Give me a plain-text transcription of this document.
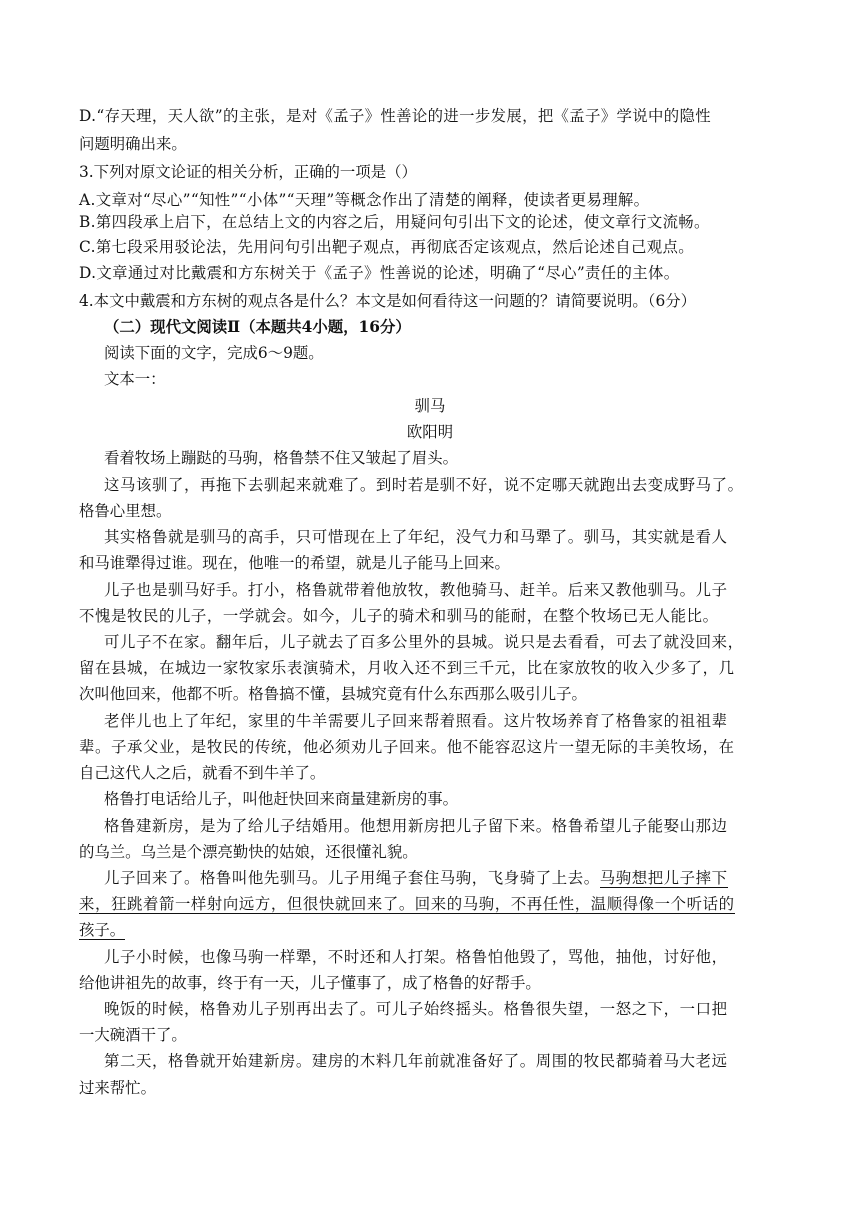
D.“存天理，天人欲”的主张，是对《孟子》性善论的进一步发展，把《孟子》学说中的隐性
问题明确出来。
3.下列对原文论证的相关分析，正确的一项是（）
A.文章对“尽心”“知性”“小体”“天理”等概念作出了清楚的阐释，使读者更易理解。
B.第四段承上启下，在总结上文的内容之后，用疑问句引出下文的论述，使文章行文流畅。
C.第七段采用驳论法，先用问句引出靶子观点，再彻底否定该观点，然后论述自己观点。
D.文章通过对比戴震和方东树关于《孟子》性善说的论述，明确了“尽心”责任的主体。
4.本文中戴震和方东树的观点各是什么？本文是如何看待这一问题的？请简要说明。（6分）
（二）现代文阅读Ⅱ（本题共4小题，16分）
阅读下面的文字，完成6～9题。
文本一：
驯马
欧阳明
看着牧场上蹦跶的马驹，格鲁禁不住又皱起了眉头。
这马该驯了，再拖下去驯起来就难了。到时若是驯不好，说不定哪天就跑出去变成野马了。
格鲁心里想。
其实格鲁就是驯马的高手，只可惜现在上了年纪，没气力和马犟了。驯马，其实就是看人
和马谁犟得过谁。现在，他唯一的希望，就是儿子能马上回来。
儿子也是驯马好手。打小，格鲁就带着他放牧，教他骑马、赶羊。后来又教他驯马。儿子
不愧是牧民的儿子，一学就会。如今，儿子的骑术和驯马的能耐，在整个牧场已无人能比。
可儿子不在家。翻年后，儿子就去了百多公里外的县城。说只是去看看，可去了就没回来，
留在县城，在城边一家牧家乐表演骑术，月收入还不到三千元，比在家放牧的收入少多了，几
次叫他回来，他都不听。格鲁搞不懂，县城究竟有什么东西那么吸引儿子。
老伴儿也上了年纪，家里的牛羊需要儿子回来帮着照看。这片牧场养育了格鲁家的祖祖辈
辈。子承父业，是牧民的传统，他必须劝儿子回来。他不能容忍这片一望无际的丰美牧场，在
自己这代人之后，就看不到牛羊了。
格鲁打电话给儿子，叫他赶快回来商量建新房的事。
格鲁建新房，是为了给儿子结婚用。他想用新房把儿子留下来。格鲁希望儿子能娶山那边
的乌兰。乌兰是个漂亮勤快的姑娘，还很懂礼貌。
儿子回来了。格鲁叫他先驯马。儿子用绳子套住马驹，飞身骑了上去。马驹想把儿子摔下
来，狂跳着箭一样射向远方，但很快就回来了。回来的马驹，不再任性，温顺得像一个听话的
孩子。
儿子小时候，也像马驹一样犟，不时还和人打架。格鲁怕他毁了，骂他，抽他，讨好他，
给他讲祖先的故事，终于有一天，儿子懂事了，成了格鲁的好帮手。
晚饭的时候，格鲁劝儿子别再出去了。可儿子始终摇头。格鲁很失望，一怒之下，一口把
一大碗酒干了。
第二天，格鲁就开始建新房。建房的木料几年前就准备好了。周围的牧民都骑着马大老远
过来帮忙。
